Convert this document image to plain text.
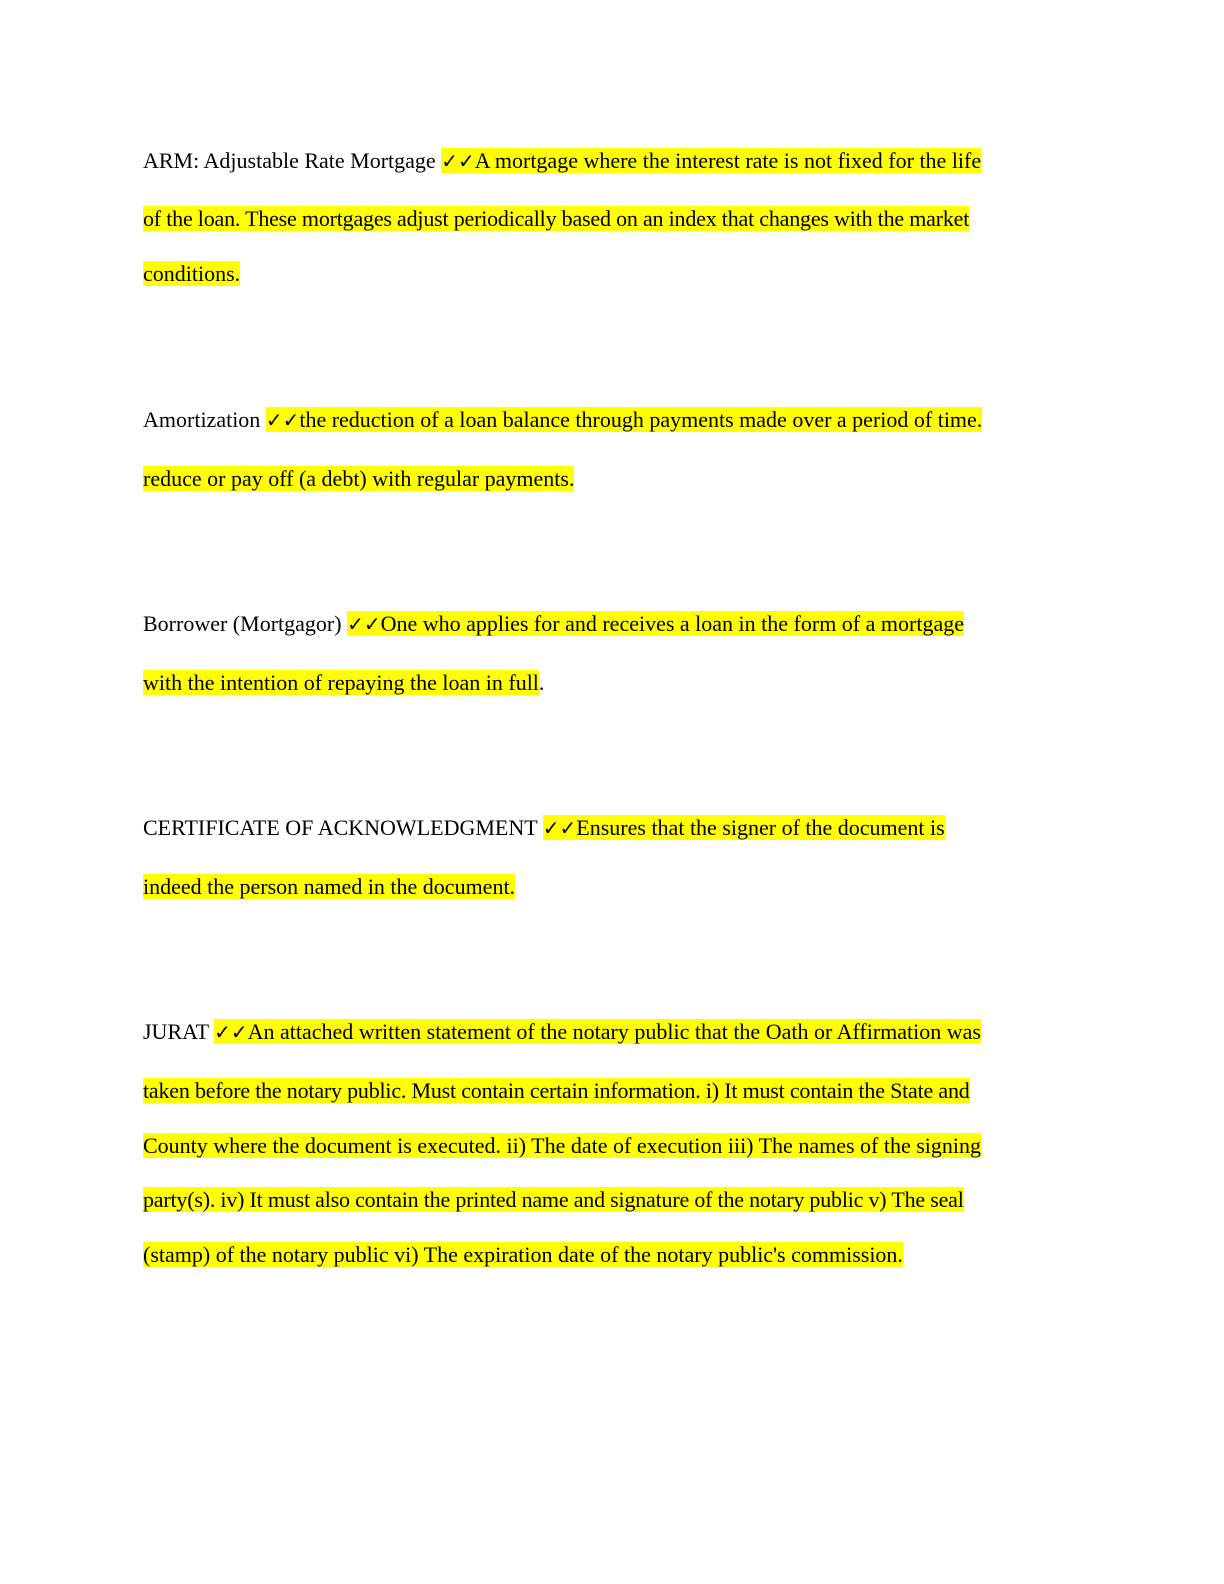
ARM: Adjustable Rate Mortgage ✓✓A mortgage where the interest rate is not fixed for the life
of the loan. These mortgages adjust periodically based on an index that changes with the market
conditions.
Amortization ✓✓the reduction of a loan balance through payments made over a period of time.
reduce or pay off (a debt) with regular payments.
Borrower (Mortgagor) ✓✓One who applies for and receives a loan in the form of a mortgage
with the intention of repaying the loan in full.
CERTIFICATE OF ACKNOWLEDGMENT ✓✓Ensures that the signer of the document is
indeed the person named in the document.
JURAT ✓✓An attached written statement of the notary public that the Oath or Affirmation was
taken before the notary public. Must contain certain information. i) It must contain the State and
County where the document is executed. ii) The date of execution iii) The names of the signing
party(s). iv) It must also contain the printed name and signature of the notary public v) The seal
(stamp) of the notary public vi) The expiration date of the notary public's commission.
